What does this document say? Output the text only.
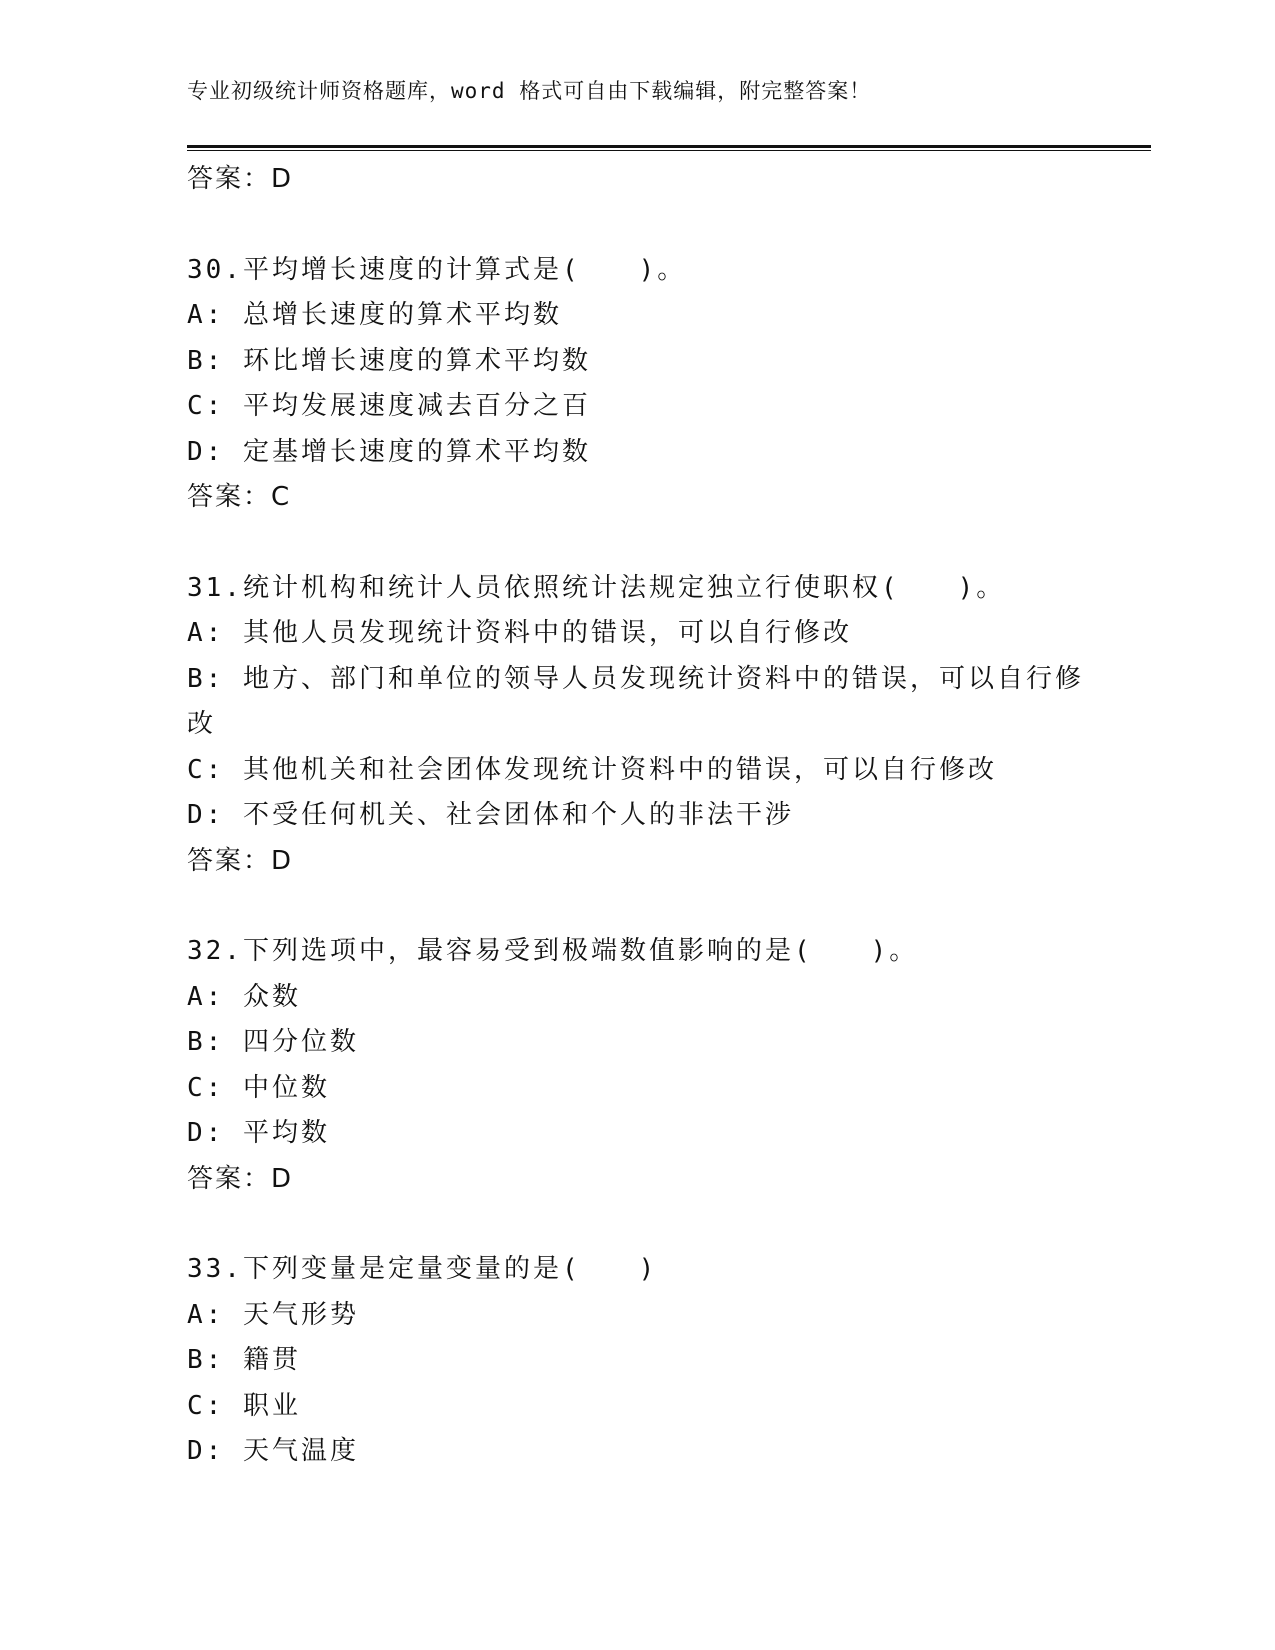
专业初级统计师资格题库，word 格式可自由下载编辑，附完整答案！
答案：D
30.平均增长速度的计算式是(　　)。
A: 总增长速度的算术平均数
B: 环比增长速度的算术平均数
C: 平均发展速度减去百分之百
D: 定基增长速度的算术平均数
答案：C
31.统计机构和统计人员依照统计法规定独立行使职权(　　)。
A: 其他人员发现统计资料中的错误，可以自行修改
B: 地方、部门和单位的领导人员发现统计资料中的错误，可以自行修改
C: 其他机关和社会团体发现统计资料中的错误，可以自行修改
D: 不受任何机关、社会团体和个人的非法干涉
答案：D
32.下列选项中，最容易受到极端数值影响的是(　　)。
A: 众数
B: 四分位数
C: 中位数
D: 平均数
答案：D
33.下列变量是定量变量的是(　　)
A: 天气形势
B: 籍贯
C: 职业
D: 天气温度
